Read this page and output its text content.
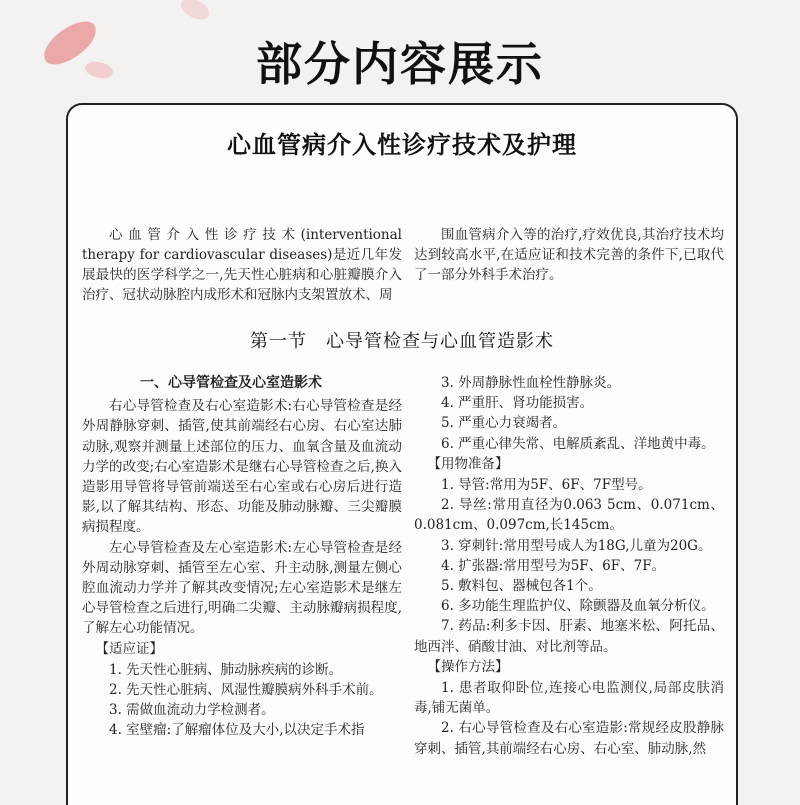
部分内容展示
心血管病介入性诊疗技术及护理

心血管介入性诊疗技术(interventional therapy for cardiovascular diseases)是近几年发展最快的医学科学之一,先天性心脏病和心脏瓣膜介入治疗、冠状动脉腔内成形术和冠脉内支架置放术、周

围血管病介入等的治疗,疗效优良,其治疗技术均达到较高水平,在适应证和技术完善的条件下,已取代了一部分外科手术治疗。

第一节　心导管检查与心血管造影术
一、心导管检查及心室造影术

右心导管检查及右心室造影术:右心导管检查是经外周静脉穿刺、插管,使其前端经右心房、右心室达肺动脉,观察并测量上述部位的压力、血氧含量及血流动力学的改变;右心室造影术是继右心导管检查之后,换入造影用导管将导管前端送至右心室或右心房后进行造影,以了解其结构、形态、功能及肺动脉瓣、三尖瓣膜病损程度。

左心导管检查及左心室造影术:左心导管检查是经外周动脉穿刺、插管至左心室、升主动脉,测量左侧心腔血流动力学并了解其改变情况;左心室造影术是继左心导管检查之后进行,明确二尖瓣、主动脉瓣病损程度,了解左心功能情况。

【适应证】

1. 先天性心脏病、肺动脉疾病的诊断。

2. 先天性心脏病、风湿性瓣膜病外科手术前。

3. 需做血流动力学检测者。

4. 室壁瘤:了解瘤体位及大小,以决定手术指

3. 外周静脉性血栓性静脉炎。

4. 严重肝、肾功能损害。

5. 严重心力衰竭者。

6. 严重心律失常、电解质紊乱、洋地黄中毒。

【用物准备】

1. 导管:常用为5F、6F、7F型号。

2. 导丝:常用直径为0.063 5cm、0.071cm、0.081cm、0.097cm,长145cm。

3. 穿刺针:常用型号成人为18G,儿童为20G。

4. 扩张器:常用型号为5F、6F、7F。

5. 敷料包、器械包各1个。

6. 多功能生理监护仪、除颤器及血氧分析仪。

7. 药品:利多卡因、肝素、地塞米松、阿托品、地西泮、硝酸甘油、对比剂等品。

【操作方法】

1. 患者取仰卧位,连接心电监测仪,局部皮肤消毒,铺无菌单。

2. 右心导管检查及右心室造影:常规经皮股静脉穿刺、插管,其前端经右心房、右心室、肺动脉,然
